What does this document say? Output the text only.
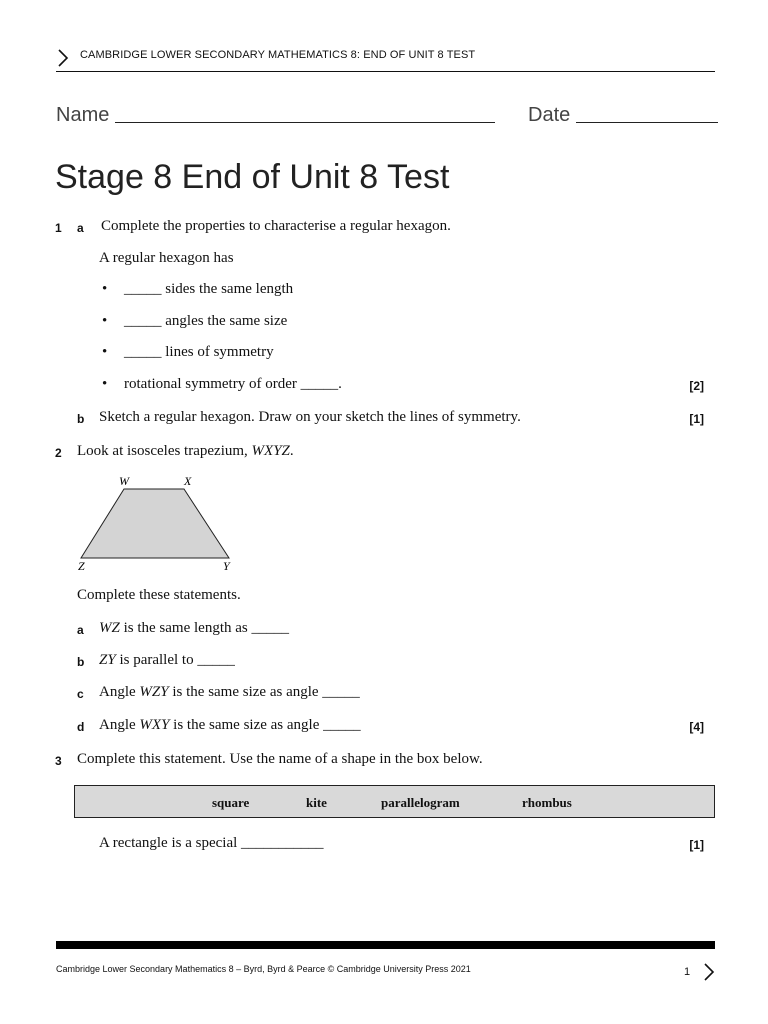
CAMBRIDGE LOWER SECONDARY MATHEMATICS 8: END OF UNIT 8 TEST
Name	Date
Stage 8 End of Unit 8 Test
1 a Complete the properties to characterise a regular hexagon.
A regular hexagon has
• _____ sides the same length
• _____ angles the same size
• _____ lines of symmetry
• rotational symmetry of order _____.	[2]
b Sketch a regular hexagon. Draw on your sketch the lines of symmetry.	[1]
2 Look at isosceles trapezium, WXYZ.
W	X
Z	Y
Complete these statements.
a WZ is the same length as _____
b ZY is parallel to _____
c Angle WZY is the same size as angle _____
d Angle WXY is the same size as angle _____	[4]
3 Complete this statement. Use the name of a shape in the box below.
square	kite	parallelogram	rhombus
A rectangle is a special ___________	[1]
Cambridge Lower Secondary Mathematics 8 – Byrd, Byrd & Pearce © Cambridge University Press 2021	1
